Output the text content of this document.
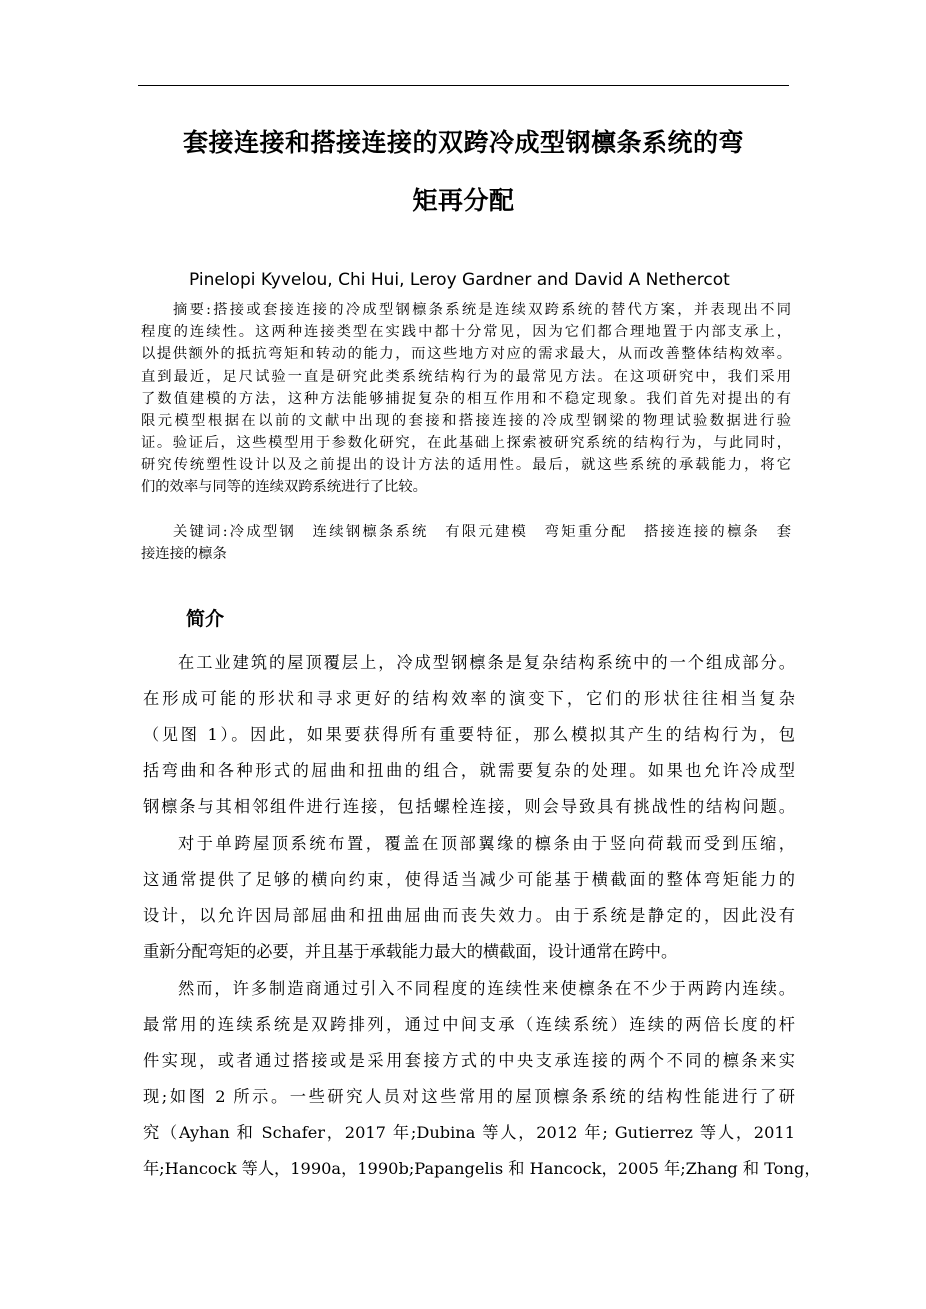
套接连接和搭接连接的双跨冷成型钢檩条系统的弯
矩再分配
Pinelopi Kyvelou, Chi Hui, Leroy Gardner and David A Nethercot
摘要:搭接或套接连接的冷成型钢檩条系统是连续双跨系统的替代方案，并表现出不同
程度的连续性。这两种连接类型在实践中都十分常见，因为它们都合理地置于内部支承上，
以提供额外的抵抗弯矩和转动的能力，而这些地方对应的需求最大，从而改善整体结构效率。
直到最近，足尺试验一直是研究此类系统结构行为的最常见方法。在这项研究中，我们采用
了数值建模的方法，这种方法能够捕捉复杂的相互作用和不稳定现象。我们首先对提出的有
限元模型根据在以前的文献中出现的套接和搭接连接的冷成型钢梁的物理试验数据进行验
证。验证后，这些模型用于参数化研究，在此基础上探索被研究系统的结构行为，与此同时，
研究传统塑性设计以及之前提出的设计方法的适用性。最后，就这些系统的承载能力，将它
们的效率与同等的连续双跨系统进行了比较。
关键词:冷成型钢　连续钢檩条系统　有限元建模　弯矩重分配　搭接连接的檩条　套
接连接的檩条
简介
在工业建筑的屋顶覆层上，冷成型钢檩条是复杂结构系统中的一个组成部分。
在形成可能的形状和寻求更好的结构效率的演变下，它们的形状往往相当复杂
（见图 1）。因此，如果要获得所有重要特征，那么模拟其产生的结构行为，包
括弯曲和各种形式的屈曲和扭曲的组合，就需要复杂的处理。如果也允许冷成型
钢檩条与其相邻组件进行连接，包括螺栓连接，则会导致具有挑战性的结构问题。
对于单跨屋顶系统布置，覆盖在顶部翼缘的檩条由于竖向荷载而受到压缩，
这通常提供了足够的横向约束，使得适当减少可能基于横截面的整体弯矩能力的
设计，以允许因局部屈曲和扭曲屈曲而丧失效力。由于系统是静定的，因此没有
重新分配弯矩的必要，并且基于承载能力最大的横截面，设计通常在跨中。
然而，许多制造商通过引入不同程度的连续性来使檩条在不少于两跨内连续。
最常用的连续系统是双跨排列，通过中间支承（连续系统）连续的两倍长度的杆
件实现，或者通过搭接或是采用套接方式的中央支承连接的两个不同的檩条来实
现;如图 2 所示。一些研究人员对这些常用的屋顶檩条系统的结构性能进行了研
究（Ayhan 和 Schafer，2017 年;Dubina 等人，2012 年; Gutierrez 等人，2011
年;Hancock 等人，1990a，1990b;Papangelis 和 Hancock，2005 年;Zhang 和 Tong，
